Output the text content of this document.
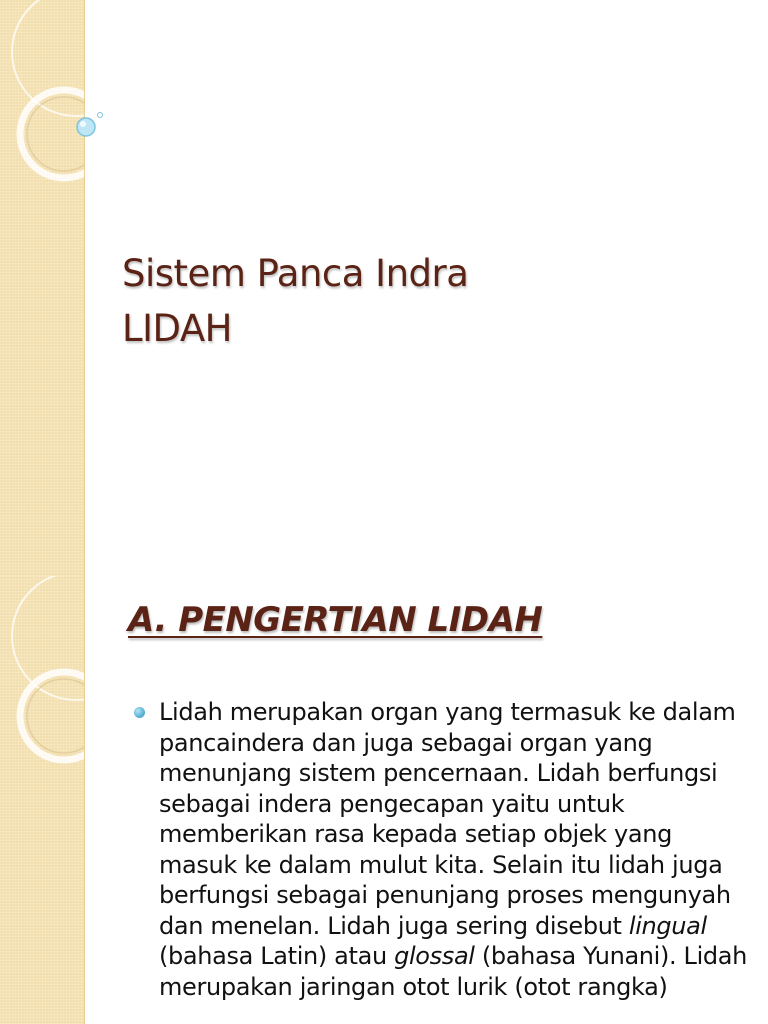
Sistem Panca Indra
LIDAH
A. PENGERTIAN LIDAH
Lidah merupakan organ yang termasuk ke dalam pancaindera dan juga sebagai organ yang menunjang sistem pencernaan. Lidah berfungsi sebagai indera pengecapan yaitu untuk memberikan rasa kepada setiap objek yang masuk ke dalam mulut kita. Selain itu lidah juga berfungsi sebagai penunjang proses mengunyah dan menelan. Lidah juga sering disebut lingual (bahasa Latin) atau glossal (bahasa Yunani). Lidah merupakan jaringan otot lurik (otot rangka)
